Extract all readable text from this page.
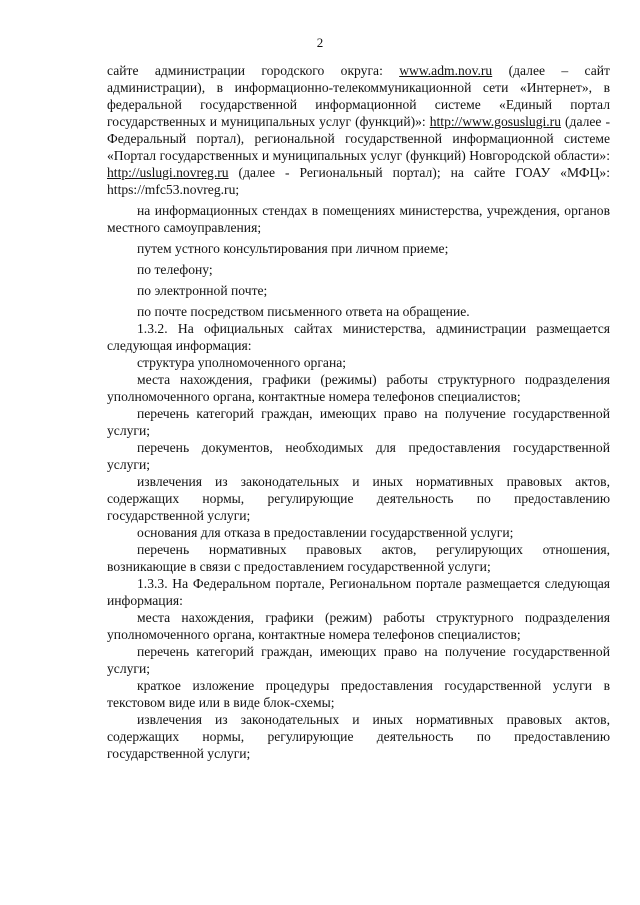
2

сайте администрации городского округа: www.adm.nov.ru (далее – сайт администрации), в информационно-телекоммуникационной сети «Интернет», в федеральной государственной информационной системе «Единый портал государственных и муниципальных услуг (функций)»: http://www.gosuslugi.ru (далее - Федеральный портал), региональной государственной информационной системе «Портал государственных и муниципальных услуг (функций) Новгородской области»: http://uslugi.novreg.ru (далее - Региональный портал); на сайте ГОАУ «МФЦ»: https://mfc53.novreg.ru;

на информационных стендах в помещениях министерства, учреждения, органов местного самоуправления;

путем устного консультирования при личном приеме;

по телефону;

по электронной почте;

по почте посредством письменного ответа на обращение.

1.3.2. На официальных сайтах министерства, администрации размещается следующая информация:

структура уполномоченного органа;

места нахождения, графики (режимы) работы структурного подразделения уполномоченного органа, контактные номера телефонов специалистов;

перечень категорий граждан, имеющих право на получение государственной услуги;

перечень документов, необходимых для предоставления государственной услуги;

извлечения из законодательных и иных нормативных правовых актов, содержащих нормы, регулирующие деятельность по предоставлению государственной услуги;

основания для отказа в предоставлении государственной услуги;

перечень нормативных правовых актов, регулирующих отношения, возникающие в связи с предоставлением государственной услуги;

1.3.3. На Федеральном портале, Региональном портале размещается следующая информация:

места нахождения, графики (режим) работы структурного подразделения уполномоченного органа, контактные номера телефонов специалистов;

перечень категорий граждан, имеющих право на получение государственной услуги;

краткое изложение процедуры предоставления государственной услуги в текстовом виде или в виде блок-схемы;

извлечения из законодательных и иных нормативных правовых актов, содержащих нормы, регулирующие деятельность по предоставлению государственной услуги;
